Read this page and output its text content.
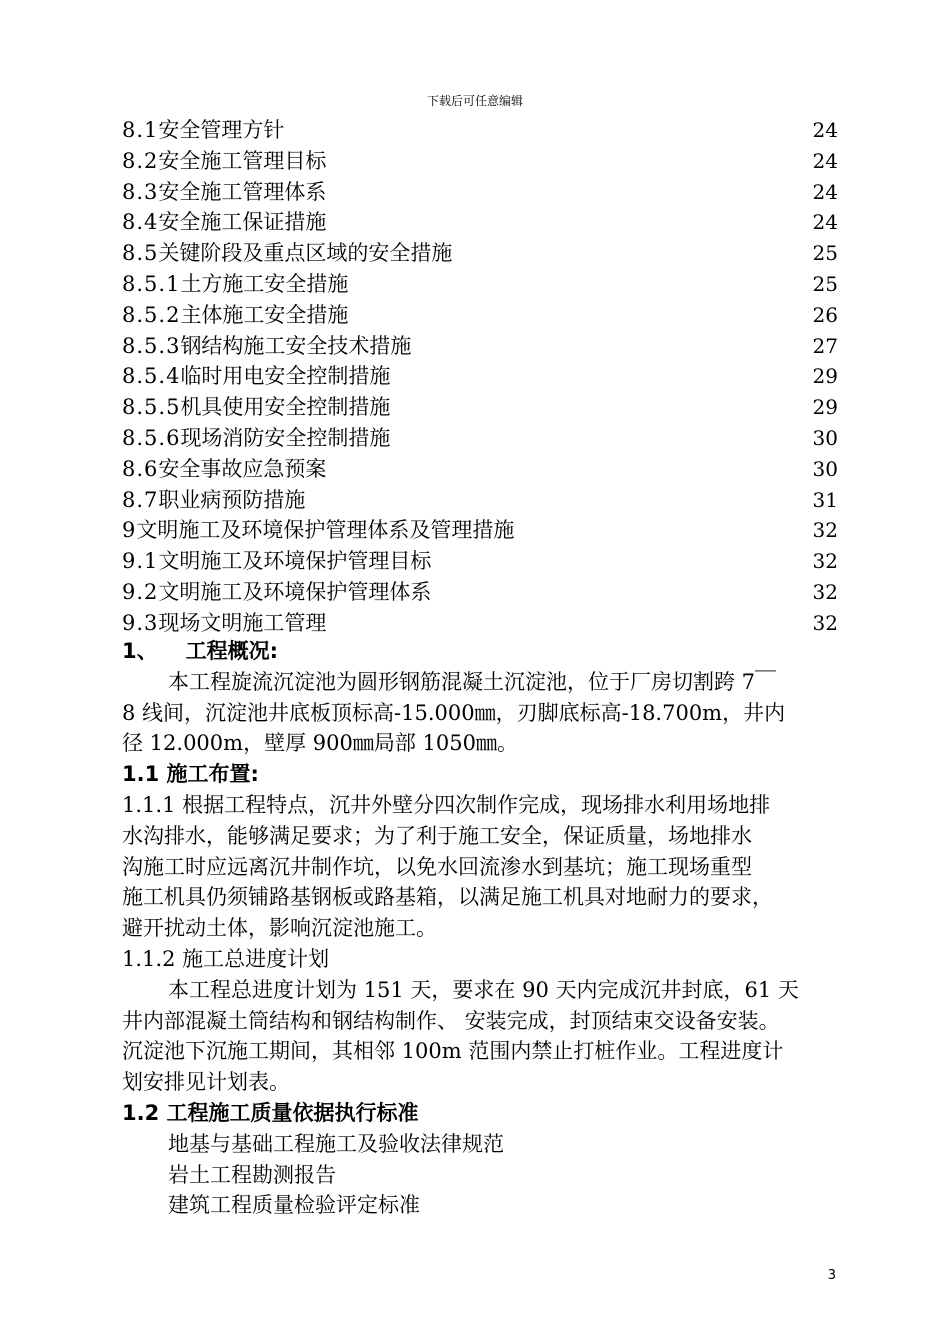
下载后可任意编辑
8.1安全管理方针	24
8.2安全施工管理目标	24
8.3安全施工管理体系	24
8.4安全施工保证措施	24
8.5关键阶段及重点区域的安全措施	25
8.5.1土方施工安全措施	25
8.5.2主体施工安全措施	26
8.5.3钢结构施工安全技术措施	27
8.5.4临时用电安全控制措施	29
8.5.5机具使用安全控制措施	29
8.5.6现场消防安全控制措施	30
8.6安全事故应急预案	30
8.7职业病预防措施	31
9文明施工及环境保护管理体系及管理措施	32
9.1文明施工及环境保护管理目标	32
9.2文明施工及环境保护管理体系	32
9.3现场文明施工管理	32
1、 工程概况:
本工程旋流沉淀池为圆形钢筋混凝土沉淀池，位于厂房切割跨 7￣
8 线间，沉淀池井底板顶标高-15.000㎜，刃脚底标高-18.700m，井内
径 12.000m，壁厚 900㎜局部 1050㎜。
1.1 施工布置:
1.1.1 根据工程特点，沉井外壁分四次制作完成，现场排水利用场地排
水沟排水，能够满足要求；为了利于施工安全，保证质量，场地排水
沟施工时应远离沉井制作坑，以免水回流渗水到基坑；施工现场重型
施工机具仍须铺路基钢板或路基箱，以满足施工机具对地耐力的要求，
避开扰动土体，影响沉淀池施工。
1.1.2 施工总进度计划
本工程总进度计划为 151 天，要求在 90 天内完成沉井封底，61 天
井内部混凝土筒结构和钢结构制作、 安装完成，封顶结束交设备安装。
沉淀池下沉施工期间，其相邻 100m 范围内禁止打桩作业。工程进度计
划安排见计划表。
1.2 工程施工质量依据执行标准
地基与基础工程施工及验收法律规范
岩土工程勘测报告
建筑工程质量检验评定标准
3
